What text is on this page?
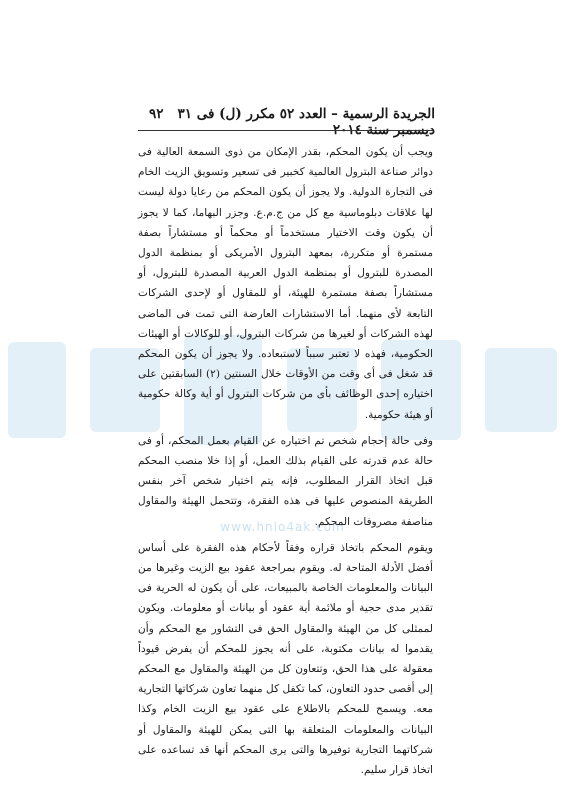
www.hnlo4ak.com
٩٢	الجريدة الرسمية – العدد ٥٢ مكرر (ل) فى ٣١ ديسمبر سنة ٢٠١٤

ويجب أن يكون المحكم، بقدر الإمكان من ذوى السمعة العالية فى دوائر صناعة البترول العالمية كخبير فى تسعير وتسويق الزيت الخام فى التجارة الدولية. ولا يجوز أن يكون المحكم من رعايا دولة ليست لها علاقات دبلوماسية مع كل من ج.م.ع. وجزر البهاما، كما لا يجوز أن يكون وقت الاختيار مستخدماً أو محكماً أو مستشاراً بصفة مستمرة أو متكررة، بمعهد البترول الأمريكى أو بمنظمة الدول المصدرة للبترول أو بمنظمة الدول العربية المصدرة للبترول، أو مستشاراً بصفة مستمرة للهيئة، أو للمقاول أو لإحدى الشركات التابعة لأى منهما. أما الاستشارات العارضة التى تمت فى الماضى لهذه الشركات أو لغيرها من شركات البترول، أو للوكالات أو الهيئات الحكومية، فهذه لا تعتبر سبباً لاستبعاده. ولا يجوز أن يكون المحكم قد شغل فى أى وقت من الأوقات خلال السنتين (٢) السابقتين على اختياره إحدى الوظائف بأى من شركات البترول أو أية وكالة حكومية أو هيئة حكومية.

وفى حالة إحجام شخص تم اختياره عن القيام بعمل المحكم، أو فى حالة عدم قدرته على القيام بذلك العمل، أو إذا خلا منصب المحكم قبل اتخاذ القرار المطلوب، فإنه يتم اختيار شخص آخر بنفس الطريقة المنصوص عليها فى هذه الفقرة، وتتحمل الهيئة والمقاول مناصفة مصروفات المحكم.

ويقوم المحكم باتخاذ قراره وفقاً لأحكام هذه الفقرة على أساس أفضل الأدلة المتاحة له. ويقوم بمراجعة عقود بيع الزيت وغيرها من البيانات والمعلومات الخاصة بالمبيعات، على أن يكون له الحرية فى تقدير مدى حجية أو ملائمة أية عقود أو بيانات أو معلومات. ويكون لممثلى كل من الهيئة والمقاول الحق فى التشاور مع المحكم وأن يقدموا له بيانات مكتوبة، على أنه يجوز للمحكم أن يفرض قيوداً معقولة على هذا الحق، وتتعاون كل من الهيئة والمقاول مع المحكم إلى أقصى حدود التعاون، كما تكفل كل منهما تعاون شركاتها التجارية معه. ويسمح للمحكم بالاطلاع على عقود بيع الزيت الخام وكذا البيانات والمعلومات المتعلقة بها التى يمكن للهيئة والمقاول أو شركاتهما التجارية توفيرها والتى يرى المحكم أنها قد تساعده على اتخاذ قرار سليم.
